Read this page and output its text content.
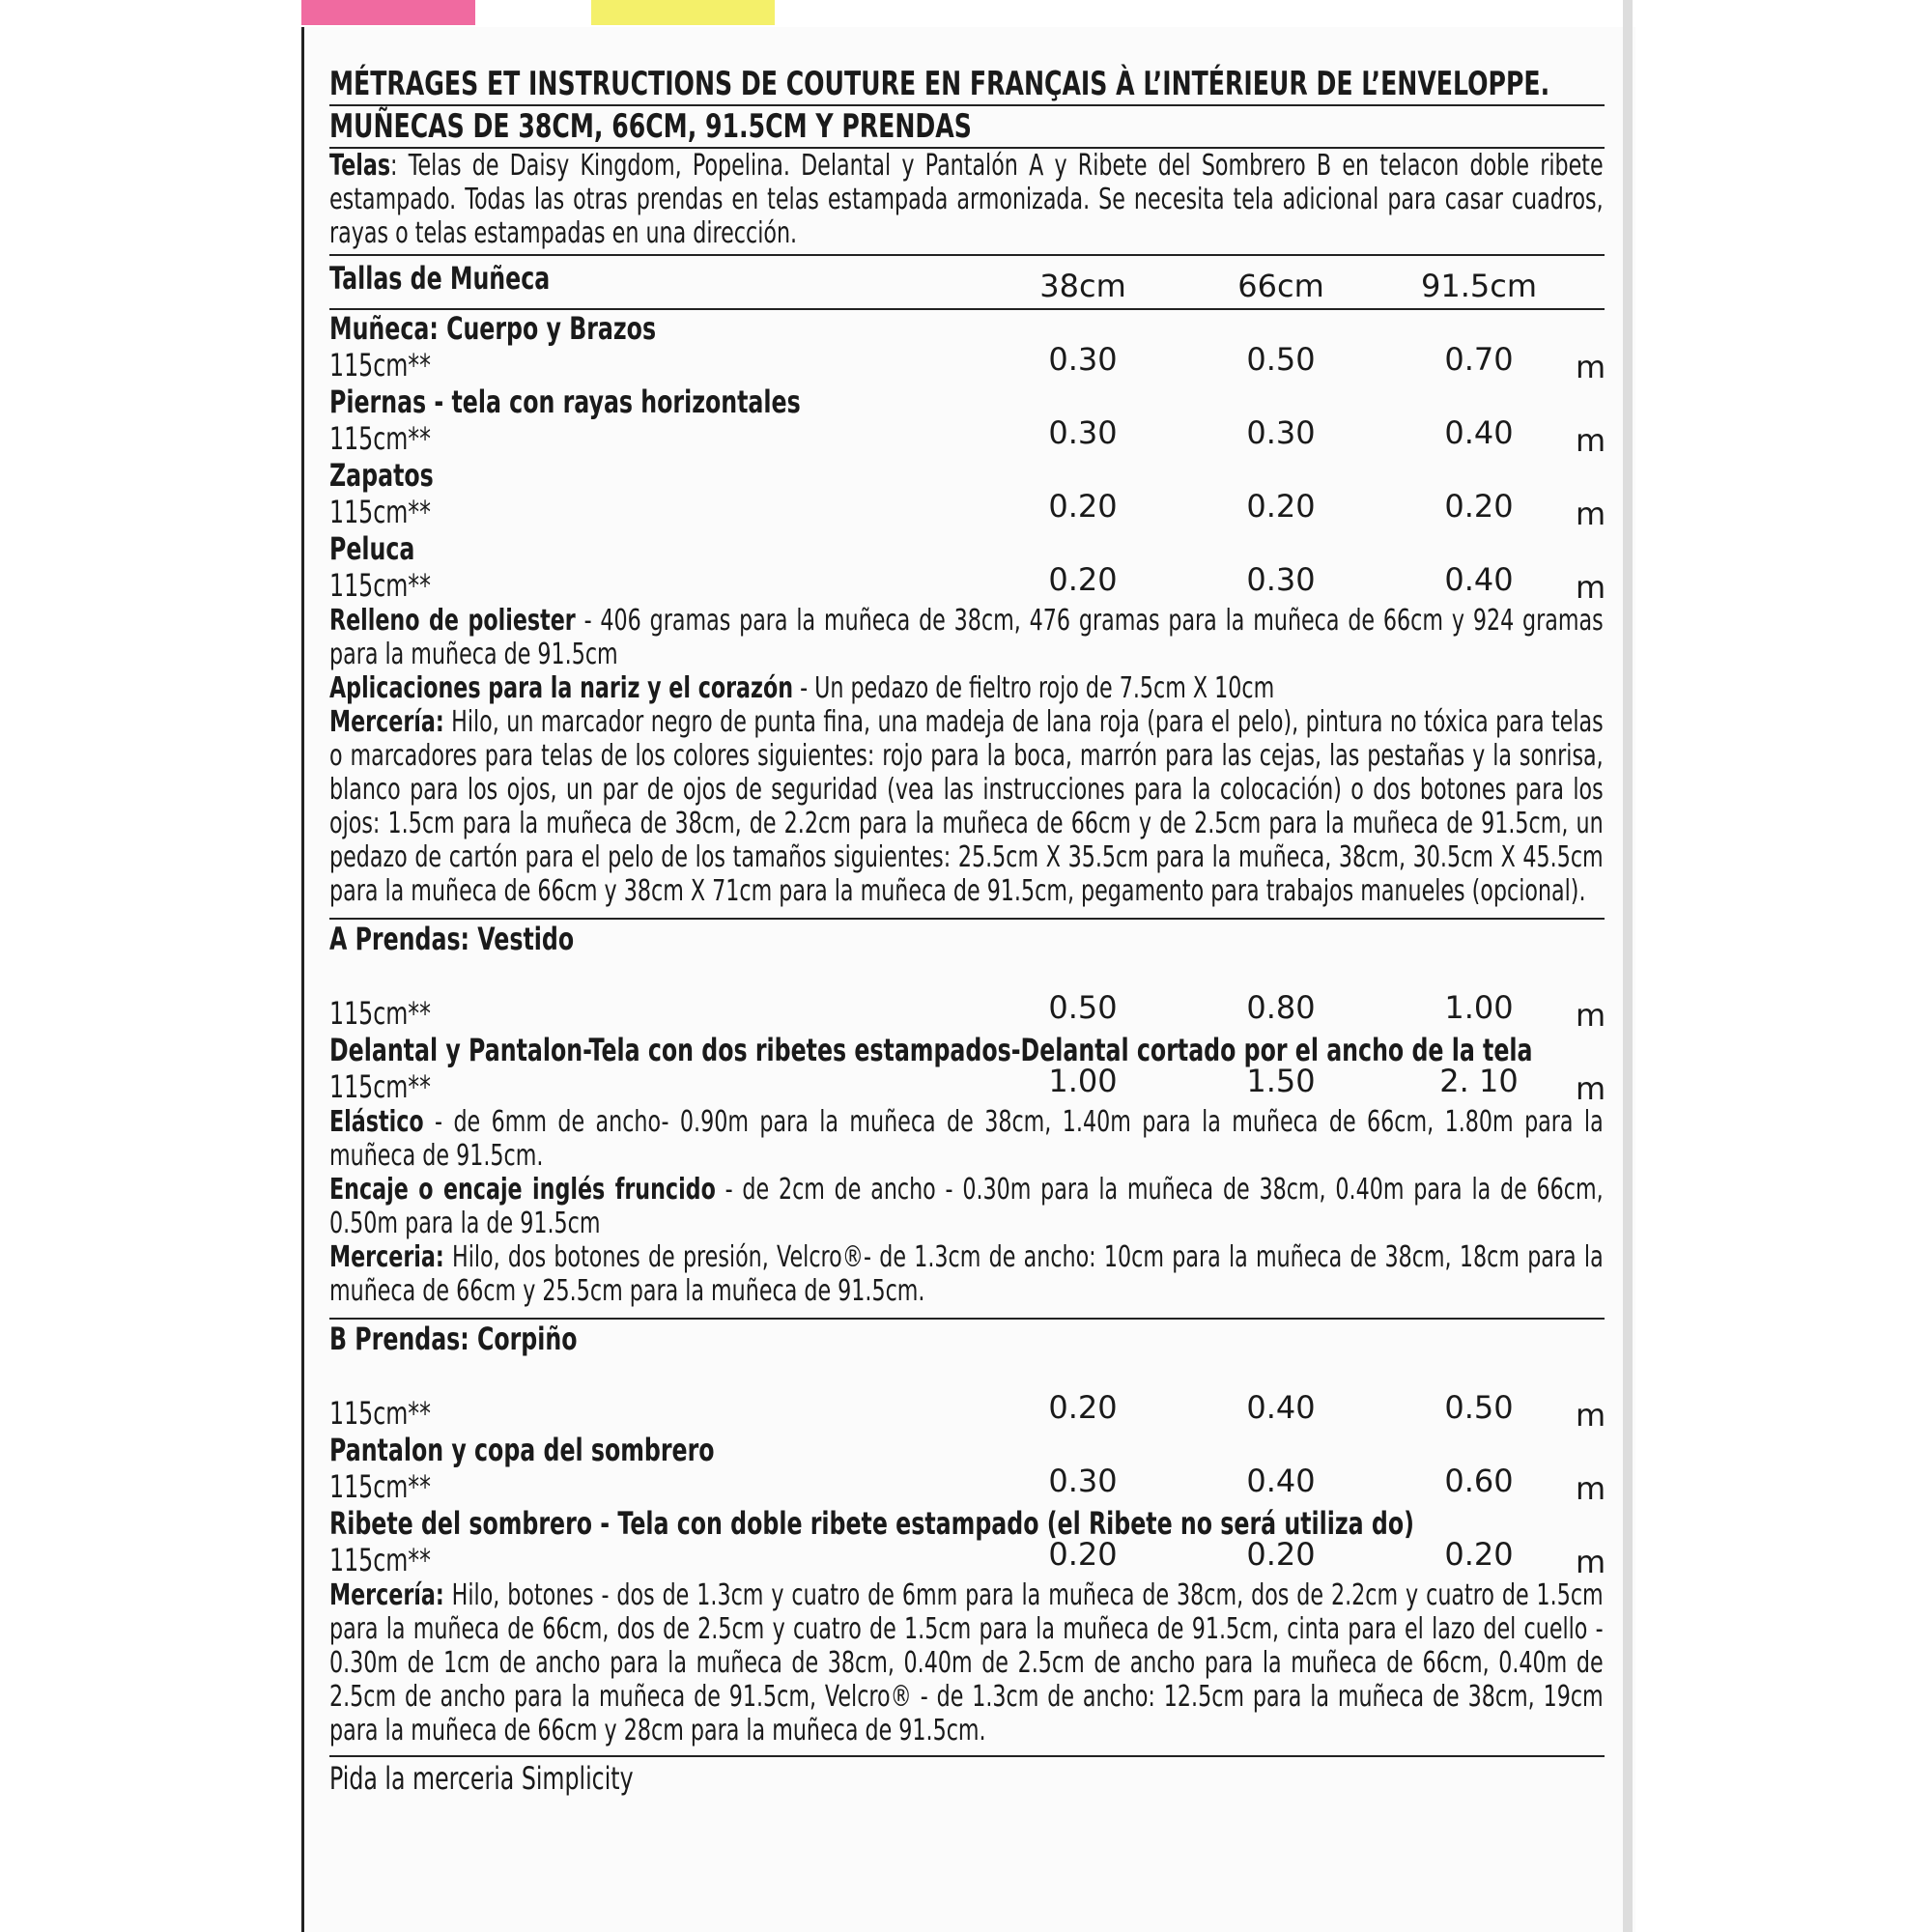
MÉTRAGES ET INSTRUCTIONS DE COUTURE EN FRANÇAIS À L’INTÉRIEUR DE L’ENVELOPPE.
MUÑECAS DE 38CM, 66CM, 91.5CM Y PRENDAS
Telas: Telas de Daisy Kingdom, Popelina. Delantal y Pantalón A y Ribete del Sombrero B en telacon doble ribete estampado. Todas las otras prendas en telas estampada armonizada. Se necesita tela adicional para casar cuadros, rayas o telas estampadas en una dirección.
Tallas de Muñeca	38cm	66cm	91.5cm
Muñeca: Cuerpo y Brazos
115cm**	0.30	0.50	0.70	m
Piernas - tela con rayas horizontales
115cm**	0.30	0.30	0.40	m
Zapatos
115cm**	0.20	0.20	0.20	m
Peluca
115cm**	0.20	0.30	0.40	m
Relleno de poliester - 406 gramas para la muñeca de 38cm, 476 gramas para la muñeca de 66cm y 924 gramas para la muñeca de 91.5cm
Aplicaciones para la nariz y el corazón - Un pedazo de fieltro rojo de 7.5cm X 10cm
Mercería: Hilo, un marcador negro de punta fina, una madeja de lana roja (para el pelo), pintura no tóxica para telas o marcadores para telas de los colores siguientes: rojo para la boca, marrón para las cejas, las pestañas y la sonrisa, blanco para los ojos, un par de ojos de seguridad (vea las instrucciones para la colocación) o dos botones para los ojos: 1.5cm para la muñeca de 38cm, de 2.2cm para la muñeca de 66cm y de 2.5cm para la muñeca de 91.5cm, un pedazo de cartón para el pelo de los tamaños siguientes: 25.5cm X 35.5cm para la muñeca, 38cm, 30.5cm X 45.5cm para la muñeca de 66cm y 38cm X 71cm para la muñeca de 91.5cm, pegamento para trabajos manueles (opcional).
A Prendas: Vestido
115cm**	0.50	0.80	1.00	m
Delantal y Pantalon-Tela con dos ribetes estampados-Delantal cortado por el ancho de la tela
115cm**	1.00	1.50	2. 10	m
Elástico - de 6mm de ancho- 0.90m para la muñeca de 38cm, 1.40m para la muñeca de 66cm, 1.80m para la muñeca de 91.5cm.
Encaje o encaje inglés fruncido - de 2cm de ancho - 0.30m para la muñeca de 38cm, 0.40m para la de 66cm, 0.50m para la de 91.5cm
Merceria: Hilo, dos botones de presión, Velcro®- de 1.3cm de ancho: 10cm para la muñeca de 38cm, 18cm para la muñeca de 66cm y 25.5cm para la muñeca de 91.5cm.
B Prendas: Corpiño
115cm**	0.20	0.40	0.50	m
Pantalon y copa del sombrero
115cm**	0.30	0.40	0.60	m
Ribete del sombrero - Tela con doble ribete estampado (el Ribete no será utiliza do)
115cm**	0.20	0.20	0.20	m
Mercería: Hilo, botones - dos de 1.3cm y cuatro de 6mm para la muñeca de 38cm, dos de 2.2cm y cuatro de 1.5cm para la muñeca de 66cm, dos de 2.5cm y cuatro de 1.5cm para la muñeca de 91.5cm, cinta para el lazo del cuello - 0.30m de 1cm de ancho para la muñeca de 38cm, 0.40m de 2.5cm de ancho para la muñeca de 66cm, 0.40m de 2.5cm de ancho para la muñeca de 91.5cm, Velcro® - de 1.3cm de ancho: 12.5cm para la muñeca de 38cm, 19cm para la muñeca de 66cm y 28cm para la muñeca de 91.5cm.
Pida la merceria Simplicity
